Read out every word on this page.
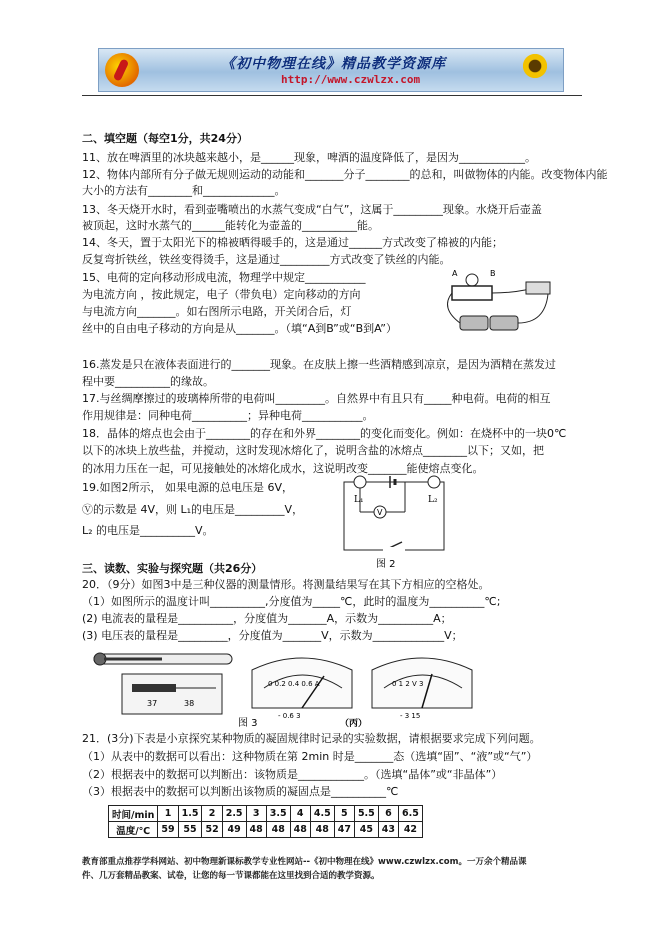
《初中物理在线》精品教学资源库
http://www.czwlzx.com
二、填空题（每空1分，共24分）
11、放在啤酒里的冰块越来越小，是______现象，啤酒的温度降低了，是因为____________。
12、物体内部所有分子做无规则运动的动能和_______分子________的总和，叫做物体的内能。改变物体内能
大小的方法有________和_____________。
13、冬天烧开水时，看到壶嘴喷出的水蒸气变成“白气”，这属于_________现象。水烧开后壶盖
被顶起，这时水蒸气的______能转化为壶盖的__________能。
14、冬天，置于太阳光下的棉被晒得暖手的，这是通过______方式改变了棉被的内能；
反复弯折铁丝，铁丝变得烫手，这是通过_________方式改变了铁丝的内能。
15、电荷的定向移动形成电流，物理学中规定___________
为电流方向 ，按此规定，电子（带负电）定向移动的方向
与电流方向_______。如右图所示电路，开关闭合后，灯
丝中的自由电子移动的方向是从_______。（填“A到B”或“B到A”）
16.蒸发是只在液体表面进行的_______现象。在皮肤上擦一些酒精感到凉京，是因为酒精在蒸发过
程中要__________的缘故。
17.与丝绸摩擦过的玻璃棒所带的电荷叫_________。自然界中有且只有_____种电荷。电荷的相互
作用规律是：同种电荷__________；异种电荷___________。
18．晶体的熔点也会由于________的存在和外界________的变化而变化。例如：在烧杯中的一块0℃
以下的冰块上放些盐，并搅动，这时发现冰熔化了，说明含盐的冰熔点________以下；又如，把
的冰用力压在一起，可见接触处的冰熔化成水，这说明改变_______能使熔点变化。
19.如图2所示， 如果电源的总电压是 6V，
Ⓥ的示数是 4V，则 L₁的电压是_________V，
L₂ 的电压是__________V。
三、读数、实验与探究题（共26分）
20．（9分）如图3中是三种仪器的测量情形。将测量结果写在其下方相应的空格处。
（1）如图所示的温度计叫__________,分度值为_____℃，此时的温度为__________℃;
(2) 电流表的量程是__________，分度值为_______A，示数为__________A；
(3) 电压表的量程是_________，分度值为_______V，示数为_____________V；
21．(3分)下表是小京探究某种物质的凝固规律时记录的实验数据，请根据要求完成下列问题。
（1）从表中的数据可以看出：这种物质在第 2min 时是_______态（选填“固”、“液”或“气”）
（2）根据表中的数据可以判断出：该物质是____________。（选填“晶体”或“非晶体”）
（3）根据表中的数据可以判断出该物质的凝固点是__________℃
A	B
V
L₁	L₂
图 2
37	38
0 0.2 0.4 0.6 A
- 0.6 3
0 1 2 V 3
- 3 15
图 3	（丙）
时间/min	1	1.5	2	2.5	3	3.5	4	4.5	5	5.5	6	6.5
温度/℃	59	55	52	49	48	48	48	48	47	45	43	42
教育部重点推荐学科网站、初中物理新课标教学专业性网站--《初中物理在线》www.czwlzx.com。一万余个精品课
件、几万套精品教案、试卷，让您的每一节课都能在这里找到合适的教学资源。
